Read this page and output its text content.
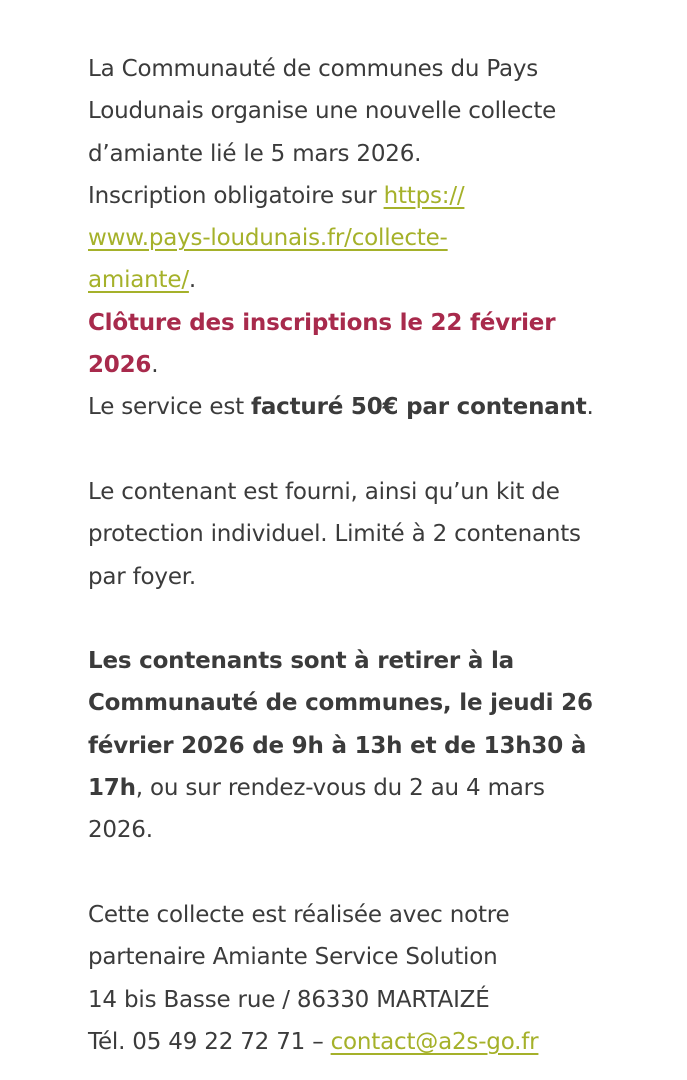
La Communauté de communes du Pays
Loudunais organise une nouvelle collecte
d’amiante lié le 5 mars 2026.
Inscription obligatoire sur https://
www.pays-loudunais.fr/collecte-
amiante/.
Clôture des inscriptions le 22 février
2026.
Le service est facturé 50€ par contenant.
Le contenant est fourni, ainsi qu’un kit de
protection individuel. Limité à 2 contenants
par foyer.
Les contenants sont à retirer à la
Communauté de communes, le jeudi 26
février 2026 de 9h à 13h et de 13h30 à
17h, ou sur rendez-vous du 2 au 4 mars
2026.
Cette collecte est réalisée avec notre
partenaire Amiante Service Solution
14 bis Basse rue / 86330 MARTAIZÉ
Tél. 05 49 22 72 71 – contact@a2s-go.fr
